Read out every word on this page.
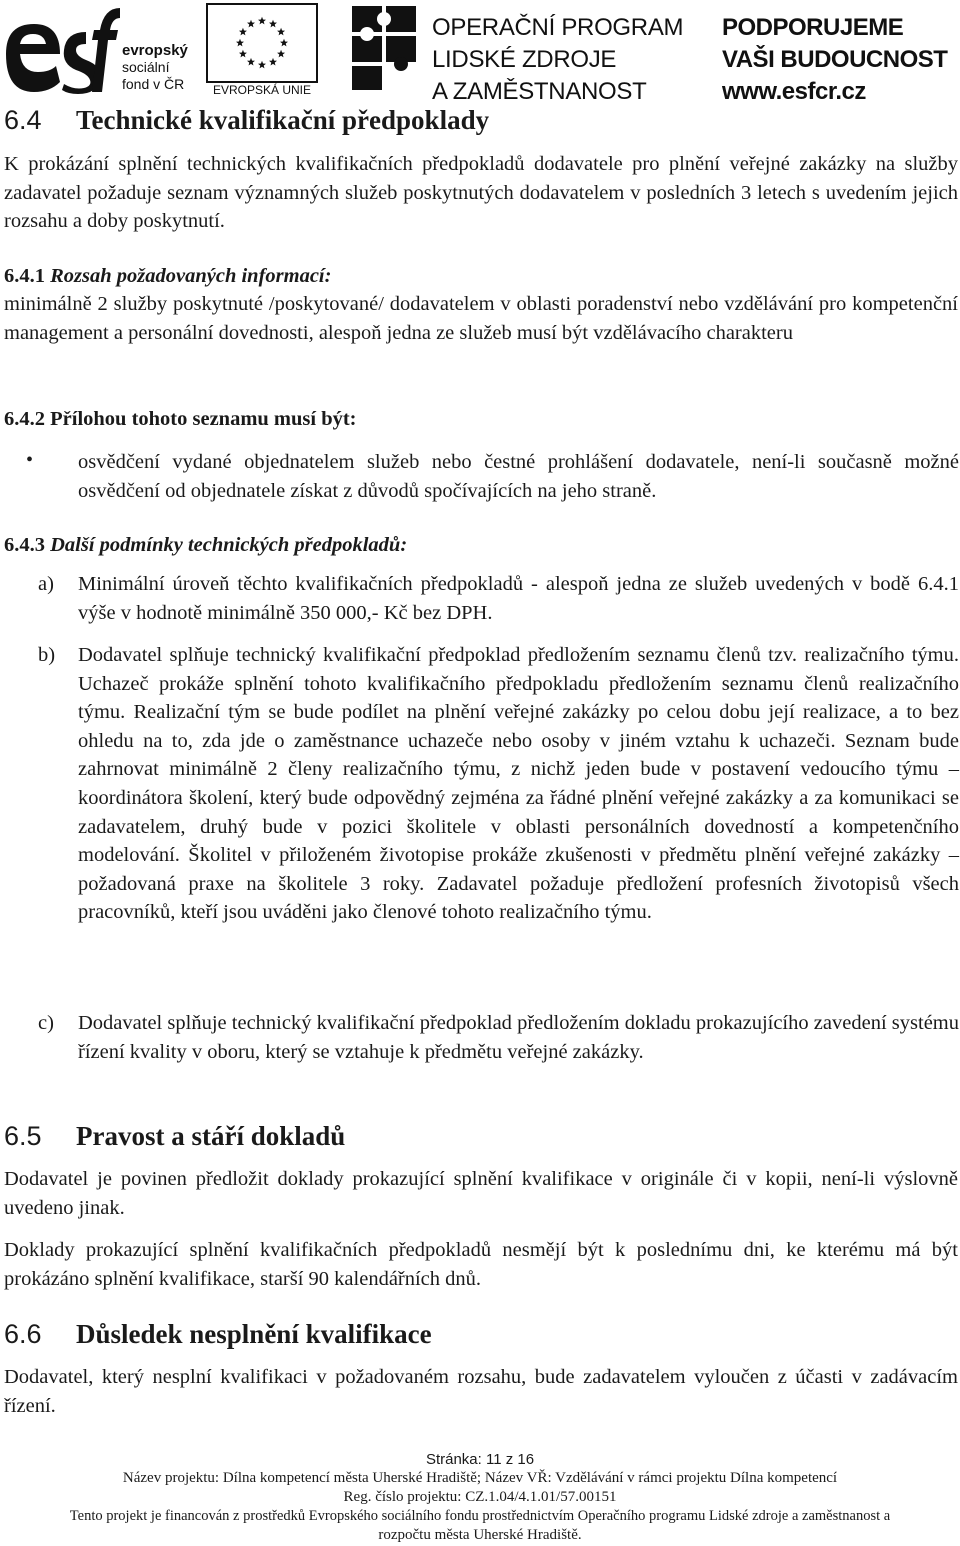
evropský
sociální
fond v ČR	EVROPSKÁ UNIE
OPERAČNÍ PROGRAM
LIDSKÉ ZDROJE
A ZAMĚSTNANOST
PODPORUJEME
VAŠI BUDOUCNOST
www.esfcr.cz
6.4 Technické kvalifikační předpoklady

K prokázání splnění technických kvalifikačních předpokladů dodavatele pro plnění veřejné zakázky na služby zadavatel požaduje seznam významných služeb poskytnutých dodavatelem v posledních 3 letech s uvedením jejich rozsahu a doby poskytnutí.

6.4.1 Rozsah požadovaných informací:

minimálně 2 služby poskytnuté /poskytované/ dodavatelem v oblasti poradenství nebo vzdělávání pro kompetenční management a personální dovednosti, alespoň jedna ze služeb musí být vzdělávacího charakteru

6.4.2 Přílohou tohoto seznamu musí být:
• osvědčení vydané objednatelem služeb nebo čestné prohlášení dodavatele, není-li současně možné osvědčení od objednatele získat z důvodů spočívajících na jeho straně.

6.4.3 Další podmínky technických předpokladů:
a) Minimální úroveň těchto kvalifikačních předpokladů - alespoň jedna ze služeb uvedených v bodě 6.4.1 výše v hodnotě minimálně 350 000,- Kč bez DPH.

b) Dodavatel splňuje technický kvalifikační předpoklad předložením seznamu členů tzv. realizačního týmu. Uchazeč prokáže splnění tohoto kvalifikačního předpokladu předložením seznamu členů realizačního týmu. Realizační tým se bude podílet na plnění veřejné zakázky po celou dobu její realizace, a to bez ohledu na to, zda jde o zaměstnance uchazeče nebo osoby v jiném vztahu k uchazeči. Seznam bude zahrnovat minimálně 2 členy realizačního týmu, z nichž jeden bude v postavení vedoucího týmu – koordinátora školení, který bude odpovědný zejména za řádné plnění veřejné zakázky a za komunikaci se zadavatelem, druhý bude v pozici školitele v oblasti personálních dovedností a kompetenčního modelování. Školitel v přiloženém životopise prokáže zkušenosti v předmětu plnění veřejné zakázky – požadovaná praxe na školitele 3 roky. Zadavatel požaduje předložení profesních životopisů všech pracovníků, kteří jsou uváděni jako členové tohoto realizačního týmu.

c) Dodavatel splňuje technický kvalifikační předpoklad předložením dokladu prokazujícího zavedení systému řízení kvality v oboru, který se vztahuje k předmětu veřejné zakázky.

6.5 Pravost a stáří dokladů

Dodavatel je povinen předložit doklady prokazující splnění kvalifikace v originále či v kopii, není-li výslovně uvedeno jinak.

Doklady prokazující splnění kvalifikačních předpokladů nesmějí být k poslednímu dni, ke kterému má být prokázáno splnění kvalifikace, starší 90 kalendářních dnů.

6.6 Důsledek nesplnění kvalifikace

Dodavatel, který nesplní kvalifikaci v požadovaném rozsahu, bude zadavatelem vyloučen z účasti v zadávacím řízení.

Stránka: 11 z 16
Název projektu: Dílna kompetencí města Uherské Hradiště; Název VŘ: Vzdělávání v rámci projektu Dílna kompetencí
Reg. číslo projektu: CZ.1.04/4.1.01/57.00151
Tento projekt je financován z prostředků Evropského sociálního fondu prostřednictvím Operačního programu Lidské zdroje a zaměstnanost a
rozpočtu města Uherské Hradiště.
